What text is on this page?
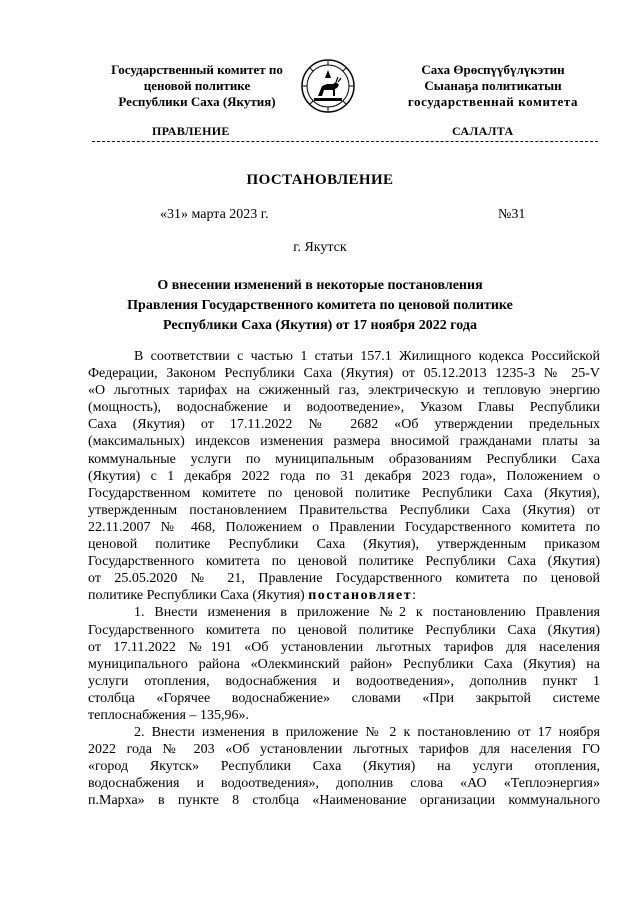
Государственный комитет по
ценовой политике
Республики Саха (Якутия)
Саха Өрөспүүбүлүкэтин
Сыанаҕа политикатын
государственнай комитета
ПРАВЛЕНИЕ	САЛАЛТА
ПОСТАНОВЛЕНИЕ
«31» марта 2023 г.	№31
г. Якутск
О внесении изменений в некоторые постановления
Правления Государственного комитета по ценовой политике
Республики Саха (Якутия) от 17 ноября 2022 года
В соответствии с частью 1 статьи 157.1 Жилищного кодекса Российской
Федерации, Законом Республики Саха (Якутия) от 05.12.2013 1235-З № 25-V
«О льготных тарифах на сжиженный газ, электрическую и тепловую энергию
(мощность), водоснабжение и водоотведение», Указом Главы Республики
Саха (Якутия) от 17.11.2022 № 2682 «Об утверждении предельных
(максимальных) индексов изменения размера вносимой гражданами платы за
коммунальные услуги по муниципальным образованиям Республики Саха
(Якутия) с 1 декабря 2022 года по 31 декабря 2023 года», Положением о
Государственном комитете по ценовой политике Республики Саха (Якутия),
утвержденным постановлением Правительства Республики Саха (Якутия) от
22.11.2007 № 468, Положением о Правлении Государственного комитета по
ценовой политике Республики Саха (Якутия), утвержденным приказом
Государственного комитета по ценовой политике Республики Саха (Якутия)
от 25.05.2020 № 21, Правление Государственного комитета по ценовой
политике Республики Саха (Якутия) постановляет:
1. Внести изменения в приложение №2 к постановлению Правления
Государственного комитета по ценовой политике Республики Саха (Якутия)
от 17.11.2022 №191 «Об установлении льготных тарифов для населения
муниципального района «Олекминский район» Республики Саха (Якутия) на
услуги отопления, водоснабжения и водоотведения», дополнив пункт 1
столбца «Горячее водоснабжение» словами «При закрытой системе
теплоснабжения – 135,96».
2. Внести изменения в приложение № 2 к постановлению от 17 ноября
2022 года № 203 «Об установлении льготных тарифов для населения ГО
«город Якутск» Республики Саха (Якутия) на услуги отопления,
водоснабжения и водоотведения», дополнив слова «АО «Теплоэнергия»
п.Марха» в пункте 8 столбца «Наименование организации коммунального
